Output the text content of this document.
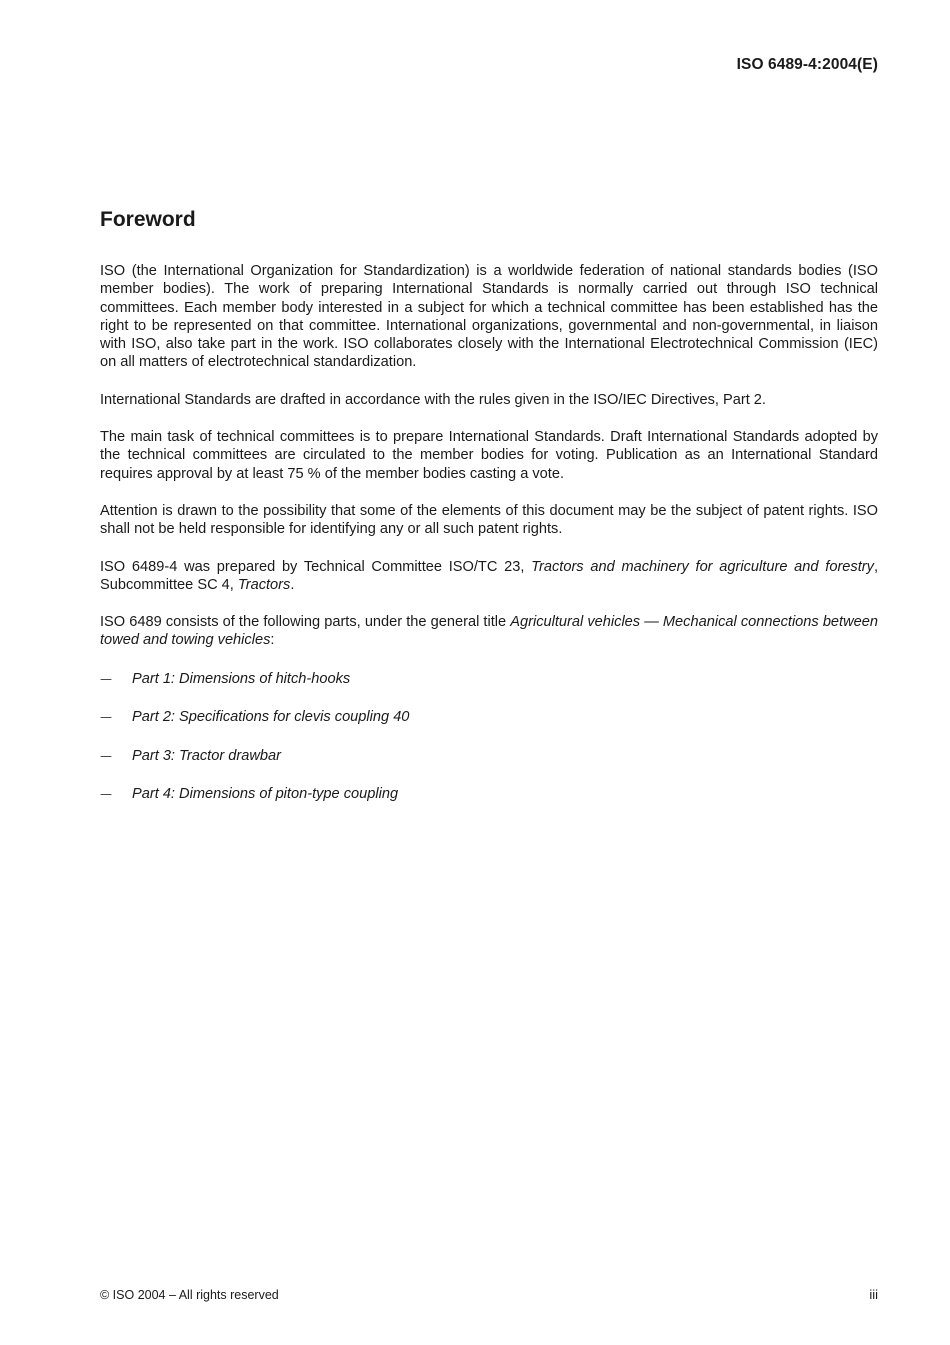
ISO 6489-4:2004(E)
Foreword

ISO (the International Organization for Standardization) is a worldwide federation of national standards bodies (ISO member bodies). The work of preparing International Standards is normally carried out through ISO technical committees. Each member body interested in a subject for which a technical committee has been established has the right to be represented on that committee. International organizations, governmental and non-governmental, in liaison with ISO, also take part in the work. ISO collaborates closely with the International Electrotechnical Commission (IEC) on all matters of electrotechnical standardization.

International Standards are drafted in accordance with the rules given in the ISO/IEC Directives, Part 2.

The main task of technical committees is to prepare International Standards. Draft International Standards adopted by the technical committees are circulated to the member bodies for voting. Publication as an International Standard requires approval by at least 75 % of the member bodies casting a vote.

Attention is drawn to the possibility that some of the elements of this document may be the subject of patent rights. ISO shall not be held responsible for identifying any or all such patent rights.

ISO 6489-4 was prepared by Technical Committee ISO/TC 23, Tractors and machinery for agriculture and forestry, Subcommittee SC 4, Tractors.

ISO 6489 consists of the following parts, under the general title Agricultural vehicles — Mechanical connections between towed and towing vehicles:

— Part 1: Dimensions of hitch-hooks
— Part 2: Specifications for clevis coupling 40
— Part 3: Tractor drawbar
— Part 4: Dimensions of piton-type coupling
© ISO 2004 – All rights reserved	iii
